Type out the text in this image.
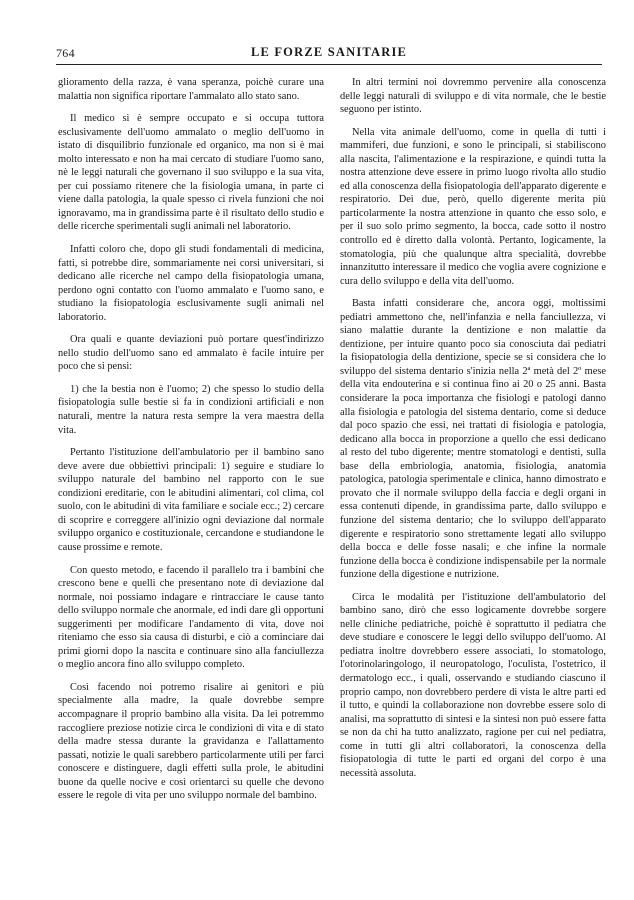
764	LE FORZE SANITARIE

glioramento della razza, è vana speranza, poichè curare una malattia non significa riportare l'ammalato allo stato sano.

Il medico si è sempre occupato e si occupa tuttora esclusivamente dell'uomo ammalato o meglio dell'uomo in istato di disquilibrio funzionale ed organico, ma non si è mai molto interessato e non ha mai cercato di studiare l'uomo sano, nè le leggi naturali che governano il suo sviluppo e la sua vita, per cui possiamo ritenere che la fisiologia umana, in parte ci viene dalla patologia, la quale spesso ci rivela funzioni che noi ignoravamo, ma in grandissima parte è il risultato dello studio e delle ricerche sperimentali sugli animali nel laboratorio.

Infatti coloro che, dopo gli studi fondamentali di medicina, fatti, si potrebbe dire, sommariamente nei corsi universitari, si dedicano alle ricerche nel campo della fisiopatologia umana, perdono ogni contatto con l'uomo ammalato e l'uomo sano, e studiano la fisiopatologia esclusivamente sugli animali nel laboratorio.

Ora quali e quante deviazioni può portare quest'indirizzo nello studio dell'uomo sano ed ammalato è facile intuire per poco che si pensi:

1) che la bestia non è l'uomo; 2) che spesso lo studio della fisiopatologia sulle bestie si fa in condizioni artificiali e non naturali, mentre la natura resta sempre la vera maestra della vita.

Pertanto l'istituzione dell'ambulatorio per il bambino sano deve avere due obbiettivi principali: 1) seguire e studiare lo sviluppo naturale del bambino nel rapporto con le sue condizioni ereditarie, con le abitudini alimentari, col clima, col suolo, con le abitudini di vita familiare e sociale ecc.; 2) cercare di scoprire e correggere all'inizio ogni deviazione dal normale sviluppo organico e costituzionale, cercandone e studiandone le cause prossime e remote.

Con questo metodo, e facendo il parallelo tra i bambini che crescono bene e quelli che presentano note di deviazione dal normale, noi possiamo indagare e rintracciare le cause tanto dello sviluppo normale che anormale, ed indi dare gli opportuni suggerimenti per modificare l'andamento di vita, dove noi riteniamo che esso sia causa di disturbi, e ciò a cominciare dai primi giorni dopo la nascita e continuare sino alla fanciullezza o meglio ancora fino allo sviluppo completo.

Così facendo noi potremo risalire ai genitori e più specialmente alla madre, la quale dovrebbe sempre accompagnare il proprio bambino alla visita. Da lei potremmo raccogliere preziose notizie circa le condizioni di vita e di stato della madre stessa durante la gravidanza e l'allattamento passati, notizie le quali sarebbero particolarmente utili per farci conoscere e distinguere, dagli effetti sulla prole, le abitudini buone da quelle nocive e così orientarci su quelle che devono essere le regole di vita per uno sviluppo normale del bambino.

In altri termini noi dovremmo pervenire alla conoscenza delle leggi naturali di sviluppo e di vita normale, che le bestie seguono per istinto.

Nella vita animale dell'uomo, come in quella di tutti i mammiferi, due funzioni, e sono le principali, si stabiliscono alla nascita, l'alimentazione e la respirazione, e quindi tutta la nostra attenzione deve essere in primo luogo rivolta allo studio ed alla conoscenza della fisiopatologia dell'apparato digerente e respiratorio. Dei due, però, quello digerente merita più particolarmente la nostra attenzione in quanto che esso solo, e per il suo solo primo segmento, la bocca, cade sotto il nostro controllo ed è diretto dalla volontà. Pertanto, logicamente, la stomatologia, più che qualunque altra specialità, dovrebbe innanzitutto interessare il medico che voglia avere cognizione e cura dello sviluppo e della vita dell'uomo.

Basta infatti considerare che, ancora oggi, moltissimi pediatri ammettono che, nell'infanzia e nella fanciullezza, vi siano malattie durante la dentizione e non malattie da dentizione, per intuire quanto poco sia conosciuta dai pediatri la fisiopatologia della dentizione, specie se si considera che lo sviluppo del sistema dentario s'inizia nella 2ª metà del 2º mese della vita endouterina e si continua fino ai 20 o 25 anni. Basta considerare la poca importanza che fisiologi e patologi danno alla fisiologia e patologia del sistema dentario, come si deduce dal poco spazio che essi, nei trattati di fisiologia e patologia, dedicano alla bocca in proporzione a quello che essi dedicano al resto del tubo digerente; mentre stomatologi e dentisti, sulla base della embriologia, anatomia, fisiologia, anatomia patologica, patologia sperimentale e clinica, hanno dimostrato e provato che il normale sviluppo della faccia e degli organi in essa contenuti dipende, in grandissima parte, dallo sviluppo e funzione del sistema dentario; che lo sviluppo dell'apparato digerente e respiratorio sono strettamente legati allo sviluppo della bocca e delle fosse nasali; e che infine la normale funzione della bocca è condizione indispensabile per la normale funzione della digestione e nutrizione.

Circa le modalità per l'istituzione dell'ambulatorio del bambino sano, dirò che esso logicamente dovrebbe sorgere nelle cliniche pediatriche, poichè è soprattutto il pediatra che deve studiare e conoscere le leggi dello sviluppo dell'uomo. Al pediatra inoltre dovrebbero essere associati, lo stomatologo, l'otorinolaringologo, il neuropatologo, l'oculista, l'ostetrico, il dermatologo ecc., i quali, osservando e studiando ciascuno il proprio campo, non dovrebbero perdere di vista le altre parti ed il tutto, e quindi la collaborazione non dovrebbe essere solo di analisi, ma soprattutto di sintesi e la sintesi non può essere fatta se non da chi ha tutto analizzato, ragione per cui nel pediatra, come in tutti gli altri collaboratori, la conoscenza della fisiopatologia di tutte le parti ed organi del corpo è una necessità assoluta.
